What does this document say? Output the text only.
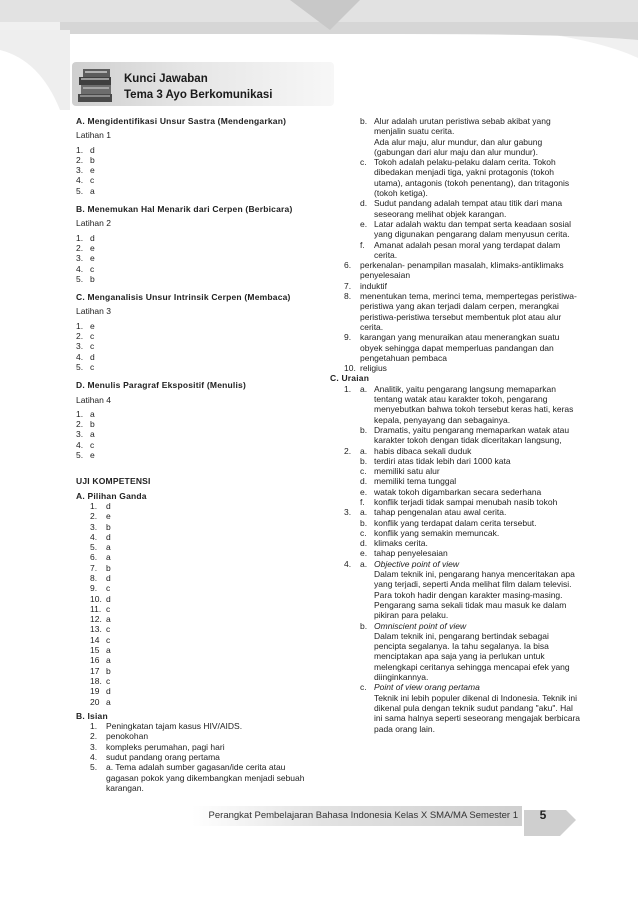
Kunci Jawaban
Tema 3 Ayo Berkomunikasi
A. Mengidentifikasi Unsur Sastra (Mendengarkan)
Latihan 1
1. d
2. b
3. e
4. c
5. a
B. Menemukan Hal Menarik dari Cerpen (Berbicara)
Latihan 2
1. d
2. e
3. e
4. c
5. b
C. Menganalisis Unsur Intrinsik Cerpen (Membaca)
Latihan 3
1. e
2. c
3. c
4. d
5. c
D. Menulis Paragraf Ekspositif (Menulis)
Latihan 4
1. a
2. b
3. a
4. c
5. e
UJI KOMPETENSI
A. Pilihan Ganda
1.	d
2.	e
3.	b
4.	d
5.	a
6.	a
7.	b
8.	d
9.	c
10. d
11. c
12. a
13. c
14 c
15 a
16 a
17 b
18. c
19 d
20 a
B. Isian
1.	Peningkatan tajam kasus HIV/AIDS.
2.	penokohan
3.	kompleks perumahan, pagi hari
4.	sudut pandang orang pertama
5.	a. Tema adalah sumber gagasan/ide cerita atau gagasan pokok yang dikembangkan menjadi sebuah karangan.
b. Alur adalah urutan peristiwa sebab akibat yang menjalin suatu cerita.
Ada alur maju, alur mundur, dan alur gabung (gabungan dari alur maju dan alur mundur).
c. Tokoh adalah pelaku-pelaku dalam cerita. Tokoh dibedakan menjadi tiga, yakni protagonis (tokoh utama), antagonis (tokoh penentang), dan tritagonis (tokoh ketiga).
d. Sudut pandang adalah tempat atau titik dari mana seseorang melihat objek karangan.
e. Latar adalah waktu dan tempat serta keadaan sosial yang digunakan pengarang dalam menyusun cerita.
f.	Amanat adalah pesan moral yang terdapat dalam cerita.
6.	perkenalan- penampilan masalah, klimaks-antiklimaks penyelesaian
7.	induktif
8.	menentukan tema, merinci tema, mempertegas peristiwa-peristiwa yang akan terjadi dalam cerpen, merangkai peristiwa-peristiwa tersebut membentuk plot atau alur cerita.
9.	karangan yang menuraikan atau menerangkan suatu obyek sehingga dapat memperluas pandangan dan pengetahuan pembaca
10. religius
C. Uraian
1.	a. Analitik, yaitu pengarang langsung memaparkan tentang watak atau karakter tokoh, pengarang menyebutkan bahwa tokoh tersebut keras hati, keras kepala, penyayang dan sebagainya.
b. Dramatis, yaitu pengarang memaparkan watak atau karakter tokoh dengan tidak diceritakan langsung,
2.	a. habis dibaca sekali duduk
b. terdiri atas tidak lebih dari 1000 kata
c. memiliki satu alur
d. memiliki tema tunggal
e. watak tokoh digambarkan secara sederhana
f.	konflik terjadi tidak sampai menubah nasib tokoh
3.	a. tahap pengenalan atau awal cerita.
b. konflik yang terdapat dalam cerita tersebut.
c. konflik yang semakin memuncak.
d. klimaks cerita.
e. tahap penyelesaian
4.	a. Objective point of view
Dalam teknik ini, pengarang hanya menceritakan apa yang terjadi, seperti Anda melihat film dalam televisi. Para tokoh hadir dengan karakter masing-masing. Pengarang sama sekali tidak mau masuk ke dalam pikiran para pelaku.
b. Omniscient point of view
Dalam teknik ini, pengarang bertindak sebagai pencipta segalanya. Ia tahu segalanya. Ia bisa menciptakan apa saja yang ia perlukan untuk melengkapi ceritanya sehingga mencapai efek yang diinginkannya.
c. Point of view orang pertama
Teknik ini lebih populer dikenal di Indonesia. Teknik ini dikenal pula dengan teknik sudut pandang "aku". Hal ini sama halnya seperti seseorang mengajak berbicara pada orang lain.
Perangkat Pembelajaran Bahasa Indonesia Kelas X SMA/MA Semester 1	5
